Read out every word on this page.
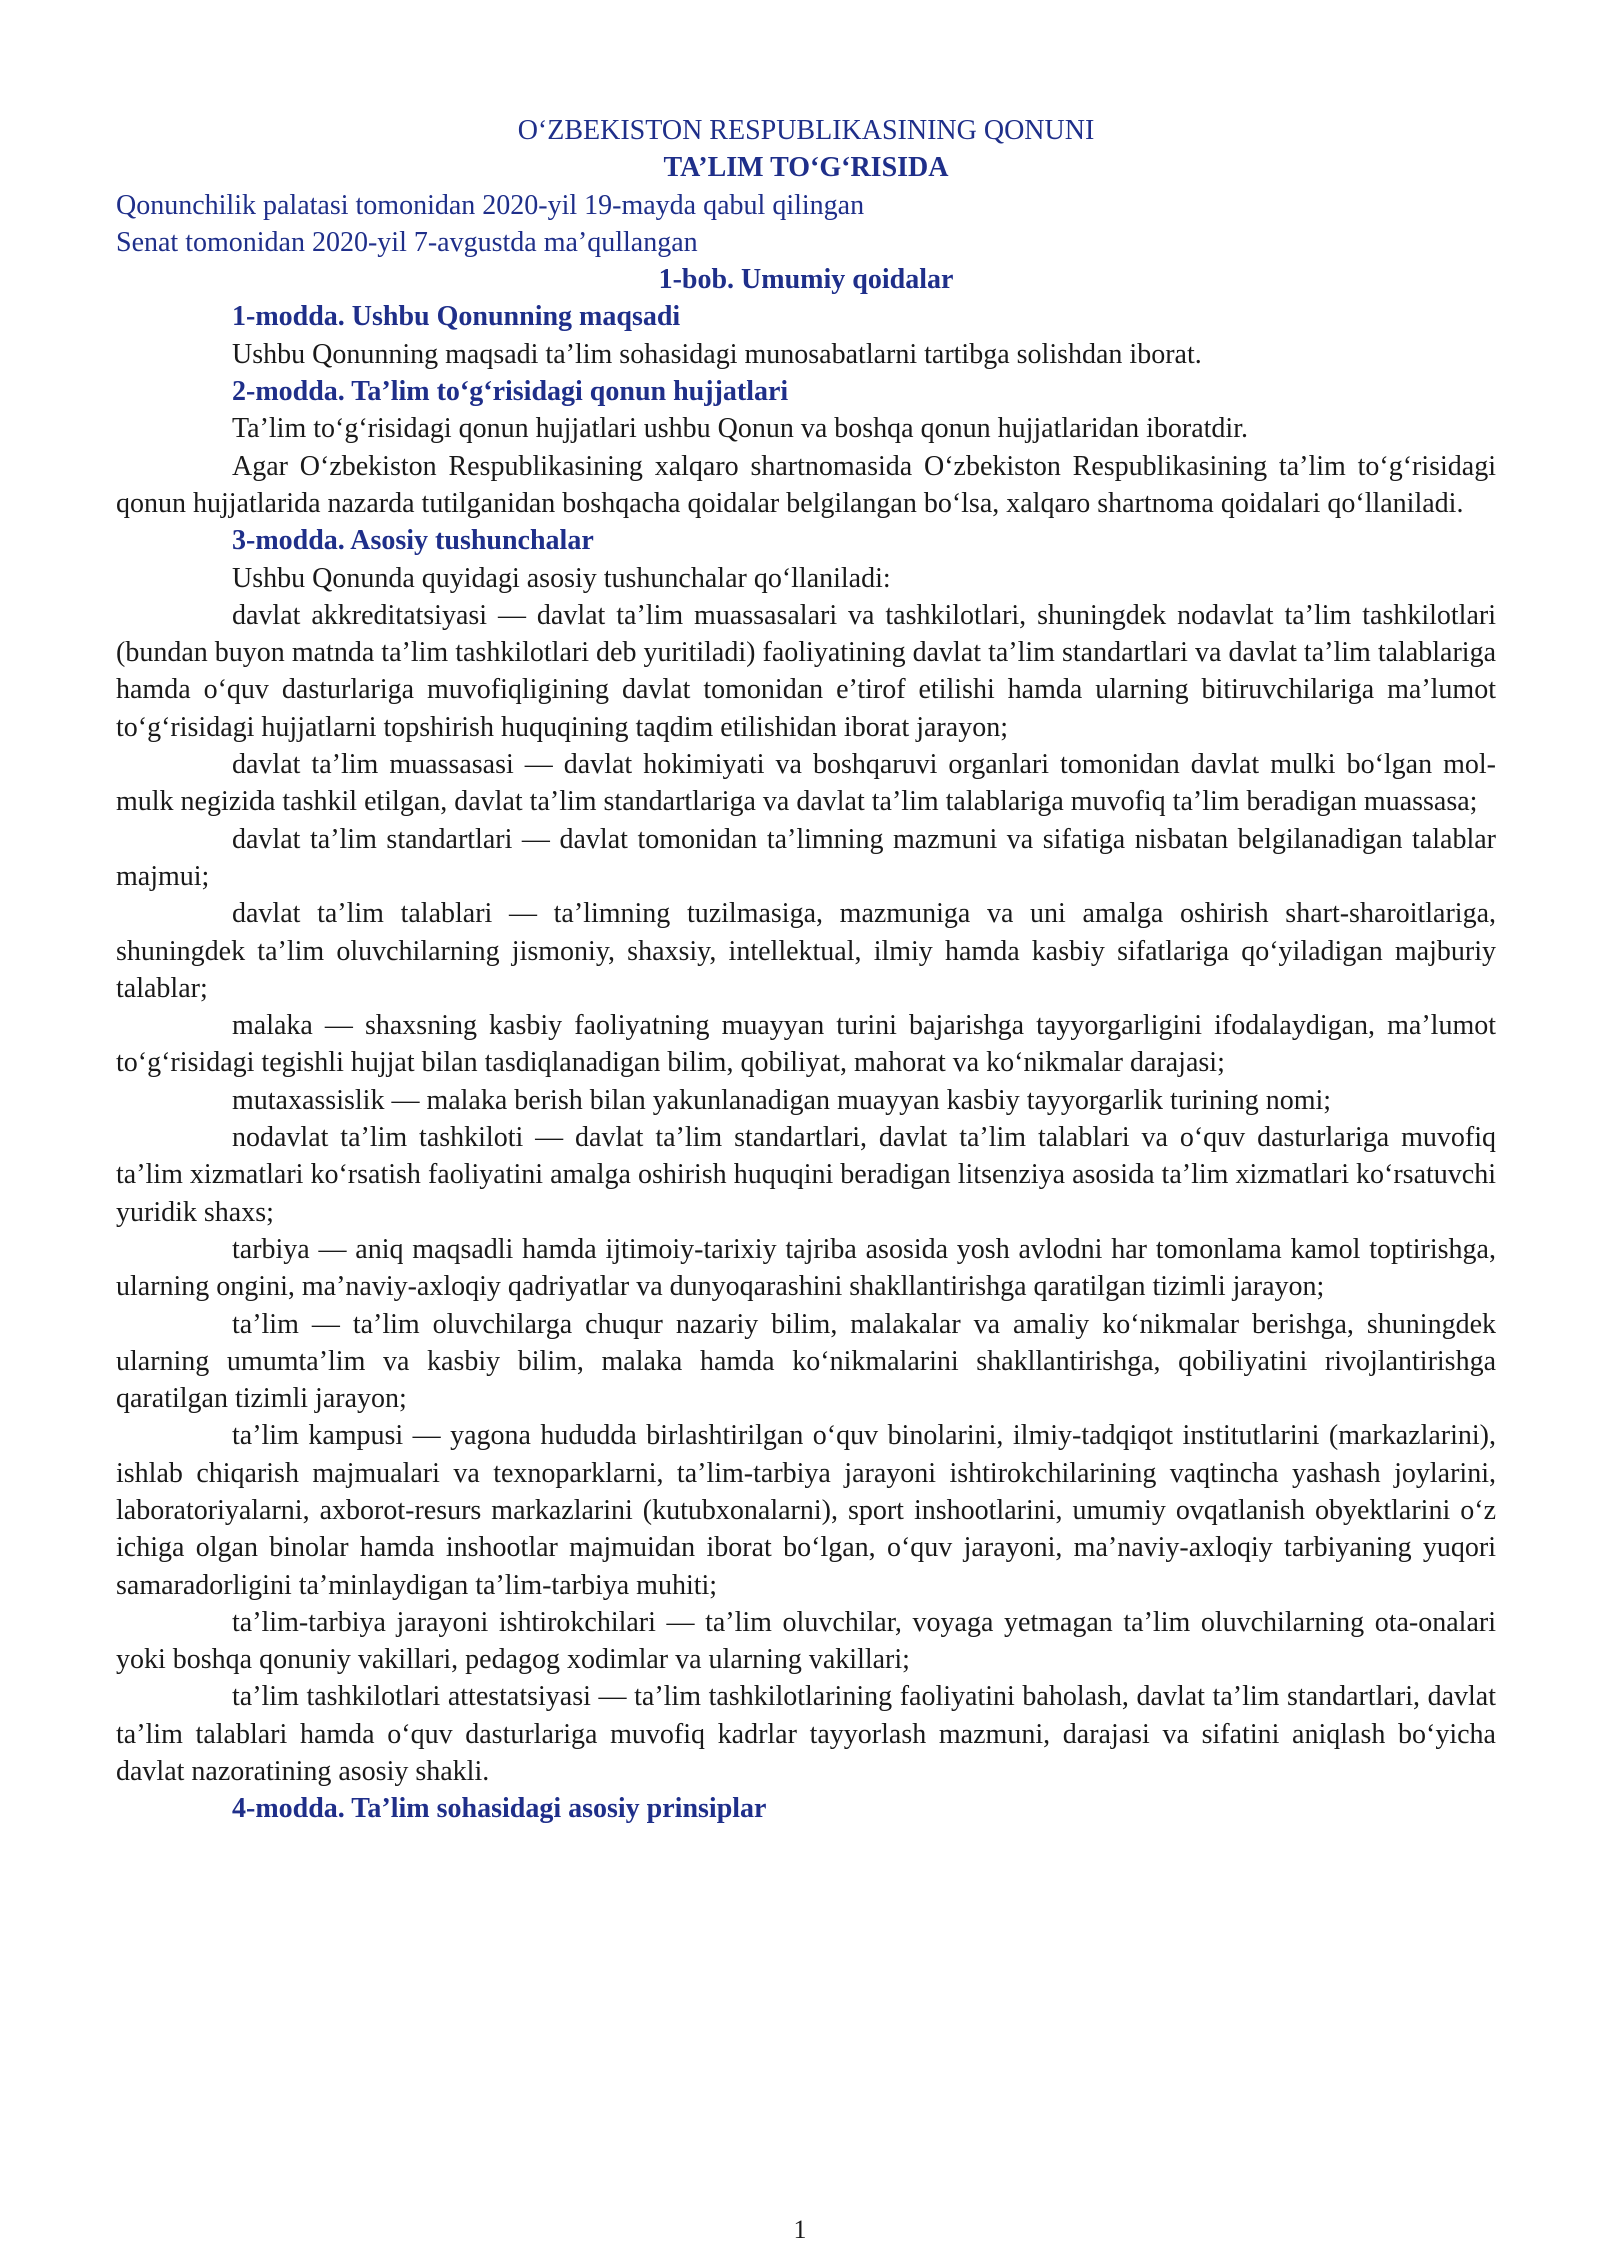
O‘ZBEKISTON RESPUBLIKASINING QONUNI
TA’LIM TO‘G‘RISIDA
Qonunchilik palatasi tomonidan 2020-yil 19-mayda qabul qilingan
Senat tomonidan 2020-yil 7-avgustda ma’qullangan
1-bob. Umumiy qoidalar
1-modda. Ushbu Qonunning maqsadi

Ushbu Qonunning maqsadi ta’lim sohasidagi munosabatlarni tartibga solishdan iborat.

2-modda. Ta’lim to‘g‘risidagi qonun hujjatlari

Ta’lim to‘g‘risidagi qonun hujjatlari ushbu Qonun va boshqa qonun hujjatlaridan iboratdir.

Agar O‘zbekiston Respublikasining xalqaro shartnomasida O‘zbekiston Respublikasining ta’lim to‘g‘risidagi qonun hujjatlarida nazarda tutilganidan boshqacha qoidalar belgilangan bo‘lsa, xalqaro shartnoma qoidalari qo‘llaniladi.

3-modda. Asosiy tushunchalar

Ushbu Qonunda quyidagi asosiy tushunchalar qo‘llaniladi:

davlat akkreditatsiyasi — davlat ta’lim muassasalari va tashkilotlari, shuningdek nodavlat ta’lim tashkilotlari (bundan buyon matnda ta’lim tashkilotlari deb yuritiladi) faoliyatining davlat ta’lim standartlari va davlat ta’lim talablariga hamda o‘quv dasturlariga muvofiqligining davlat tomonidan e’tirof etilishi hamda ularning bitiruvchilariga ma’lumot to‘g‘risidagi hujjatlarni topshirish huquqining taqdim etilishidan iborat jarayon;

davlat ta’lim muassasasi — davlat hokimiyati va boshqaruvi organlari tomonidan davlat mulki bo‘lgan mol-mulk negizida tashkil etilgan, davlat ta’lim standartlariga va davlat ta’lim talablariga muvofiq ta’lim beradigan muassasa;

davlat ta’lim standartlari — davlat tomonidan ta’limning mazmuni va sifatiga nisbatan belgilanadigan talablar majmui;

davlat ta’lim talablari — ta’limning tuzilmasiga, mazmuniga va uni amalga oshirish shart-sharoitlariga, shuningdek ta’lim oluvchilarning jismoniy, shaxsiy, intellektual, ilmiy hamda kasbiy sifatlariga qo‘yiladigan majburiy talablar;

malaka — shaxsning kasbiy faoliyatning muayyan turini bajarishga tayyorgarligini ifodalaydigan, ma’lumot to‘g‘risidagi tegishli hujjat bilan tasdiqlanadigan bilim, qobiliyat, mahorat va ko‘nikmalar darajasi;

mutaxassislik — malaka berish bilan yakunlanadigan muayyan kasbiy tayyorgarlik turining nomi;

nodavlat ta’lim tashkiloti — davlat ta’lim standartlari, davlat ta’lim talablari va o‘quv dasturlariga muvofiq ta’lim xizmatlari ko‘rsatish faoliyatini amalga oshirish huquqini beradigan litsenziya asosida ta’lim xizmatlari ko‘rsatuvchi yuridik shaxs;

tarbiya — aniq maqsadli hamda ijtimoiy-tarixiy tajriba asosida yosh avlodni har tomonlama kamol toptirishga, ularning ongini, ma’naviy-axloqiy qadriyatlar va dunyoqarashini shakllantirishga qaratilgan tizimli jarayon;

ta’lim — ta’lim oluvchilarga chuqur nazariy bilim, malakalar va amaliy ko‘nikmalar berishga, shuningdek ularning umumta’lim va kasbiy bilim, malaka hamda ko‘nikmalarini shakllantirishga, qobiliyatini rivojlantirishga qaratilgan tizimli jarayon;

ta’lim kampusi — yagona hududda birlashtirilgan o‘quv binolarini, ilmiy-tadqiqot institutlarini (markazlarini), ishlab chiqarish majmualari va texnoparklarni, ta’lim-tarbiya jarayoni ishtirokchilarining vaqtincha yashash joylarini, laboratoriyalarni, axborot-resurs markazlarini (kutubxonalarni), sport inshootlarini, umumiy ovqatlanish obyektlarini o‘z ichiga olgan binolar hamda inshootlar majmuidan iborat bo‘lgan, o‘quv jarayoni, ma’naviy-axloqiy tarbiyaning yuqori samaradorligini ta’minlaydigan ta’lim-tarbiya muhiti;

ta’lim-tarbiya jarayoni ishtirokchilari — ta’lim oluvchilar, voyaga yetmagan ta’lim oluvchilarning ota-onalari yoki boshqa qonuniy vakillari, pedagog xodimlar va ularning vakillari;

ta’lim tashkilotlari attestatsiyasi — ta’lim tashkilotlarining faoliyatini baholash, davlat ta’lim standartlari, davlat ta’lim talablari hamda o‘quv dasturlariga muvofiq kadrlar tayyorlash mazmuni, darajasi va sifatini aniqlash bo‘yicha davlat nazoratining asosiy shakli.

4-modda. Ta’lim sohasidagi asosiy prinsiplar
1
